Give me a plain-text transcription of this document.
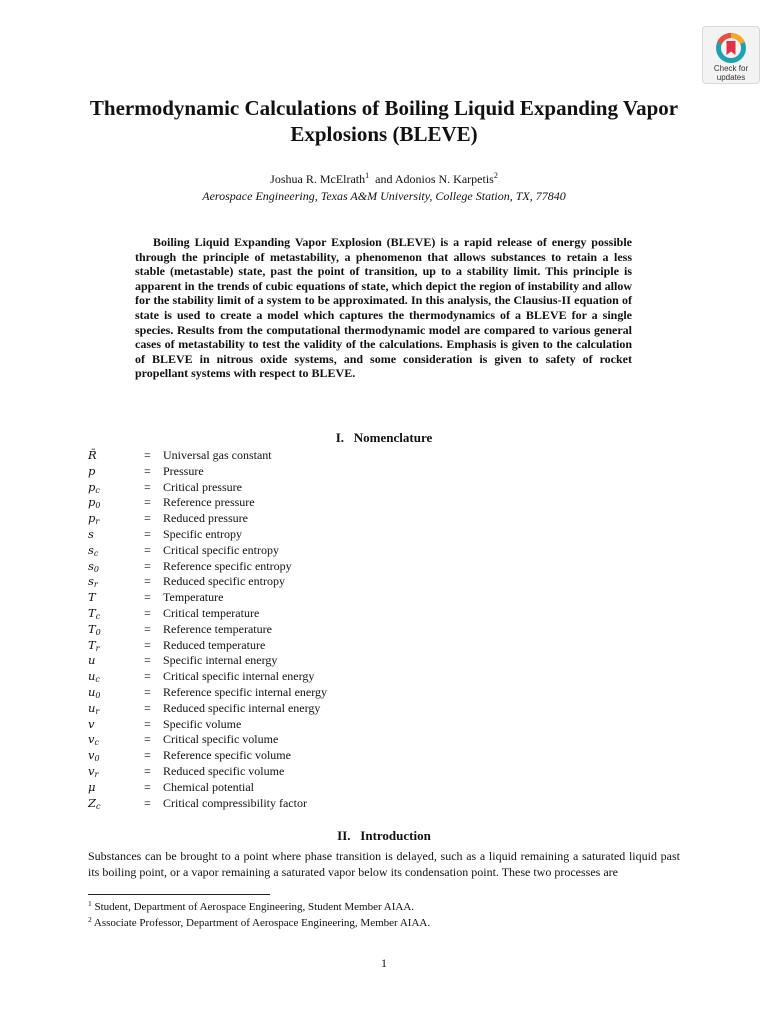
Check for
updates
Thermodynamic Calculations of Boiling Liquid Expanding Vapor Explosions (BLEVE)
Joshua R. McElrath$^1$ and Adonios N. Karpetis$^2$
Aerospace Engineering, Texas A&M University, College Station, TX, 77840

Boiling Liquid Expanding Vapor Explosion (BLEVE) is a rapid release of energy possible through the principle of metastability, a phenomenon that allows substances to retain a less stable (metastable) state, past the point of transition, up to a stability limit. This principle is apparent in the trends of cubic equations of state, which depict the region of instability and allow for the stability limit of a system to be approximated. In this analysis, the Clausius-II equation of state is used to create a model which captures the thermodynamics of a BLEVE for a single species. Results from the computational thermodynamic model are compared to various general cases of metastability to test the validity of the calculations. Emphasis is given to the calculation of BLEVE in nitrous oxide systems, and some consideration is given to safety of rocket propellant systems with respect to BLEVE.

I. Nomenclature
R̄	= Universal gas constant
p	= Pressure
$p_c$	= Critical pressure
$p_0$	= Reference pressure
$p_r$	= Reduced pressure
s	= Specific entropy
$s_c$	= Critical specific entropy
$s_0$	= Reference specific entropy
$s_r$	= Reduced specific entropy
T	= Temperature
$T_c$	= Critical temperature
$T_0$	= Reference temperature
$T_r$	= Reduced temperature
u	= Specific internal energy
$u_c$	= Critical specific internal energy
$u_0$	= Reference specific internal energy
$u_r$	= Reduced specific internal energy
v	= Specific volume
$v_c$	= Critical specific volume
$v_0$	= Reference specific volume
$v_r$	= Reduced specific volume
μ	= Chemical potential
$Z_c$	= Critical compressibility factor
II. Introduction

Substances can be brought to a point where phase transition is delayed, such as a liquid remaining a saturated liquid past its boiling point, or a vapor remaining a saturated vapor below its condensation point. These two processes are

$^1$ Student, Department of Aerospace Engineering, Student Member AIAA.
$^2$ Associate Professor, Department of Aerospace Engineering, Member AIAA.
1
